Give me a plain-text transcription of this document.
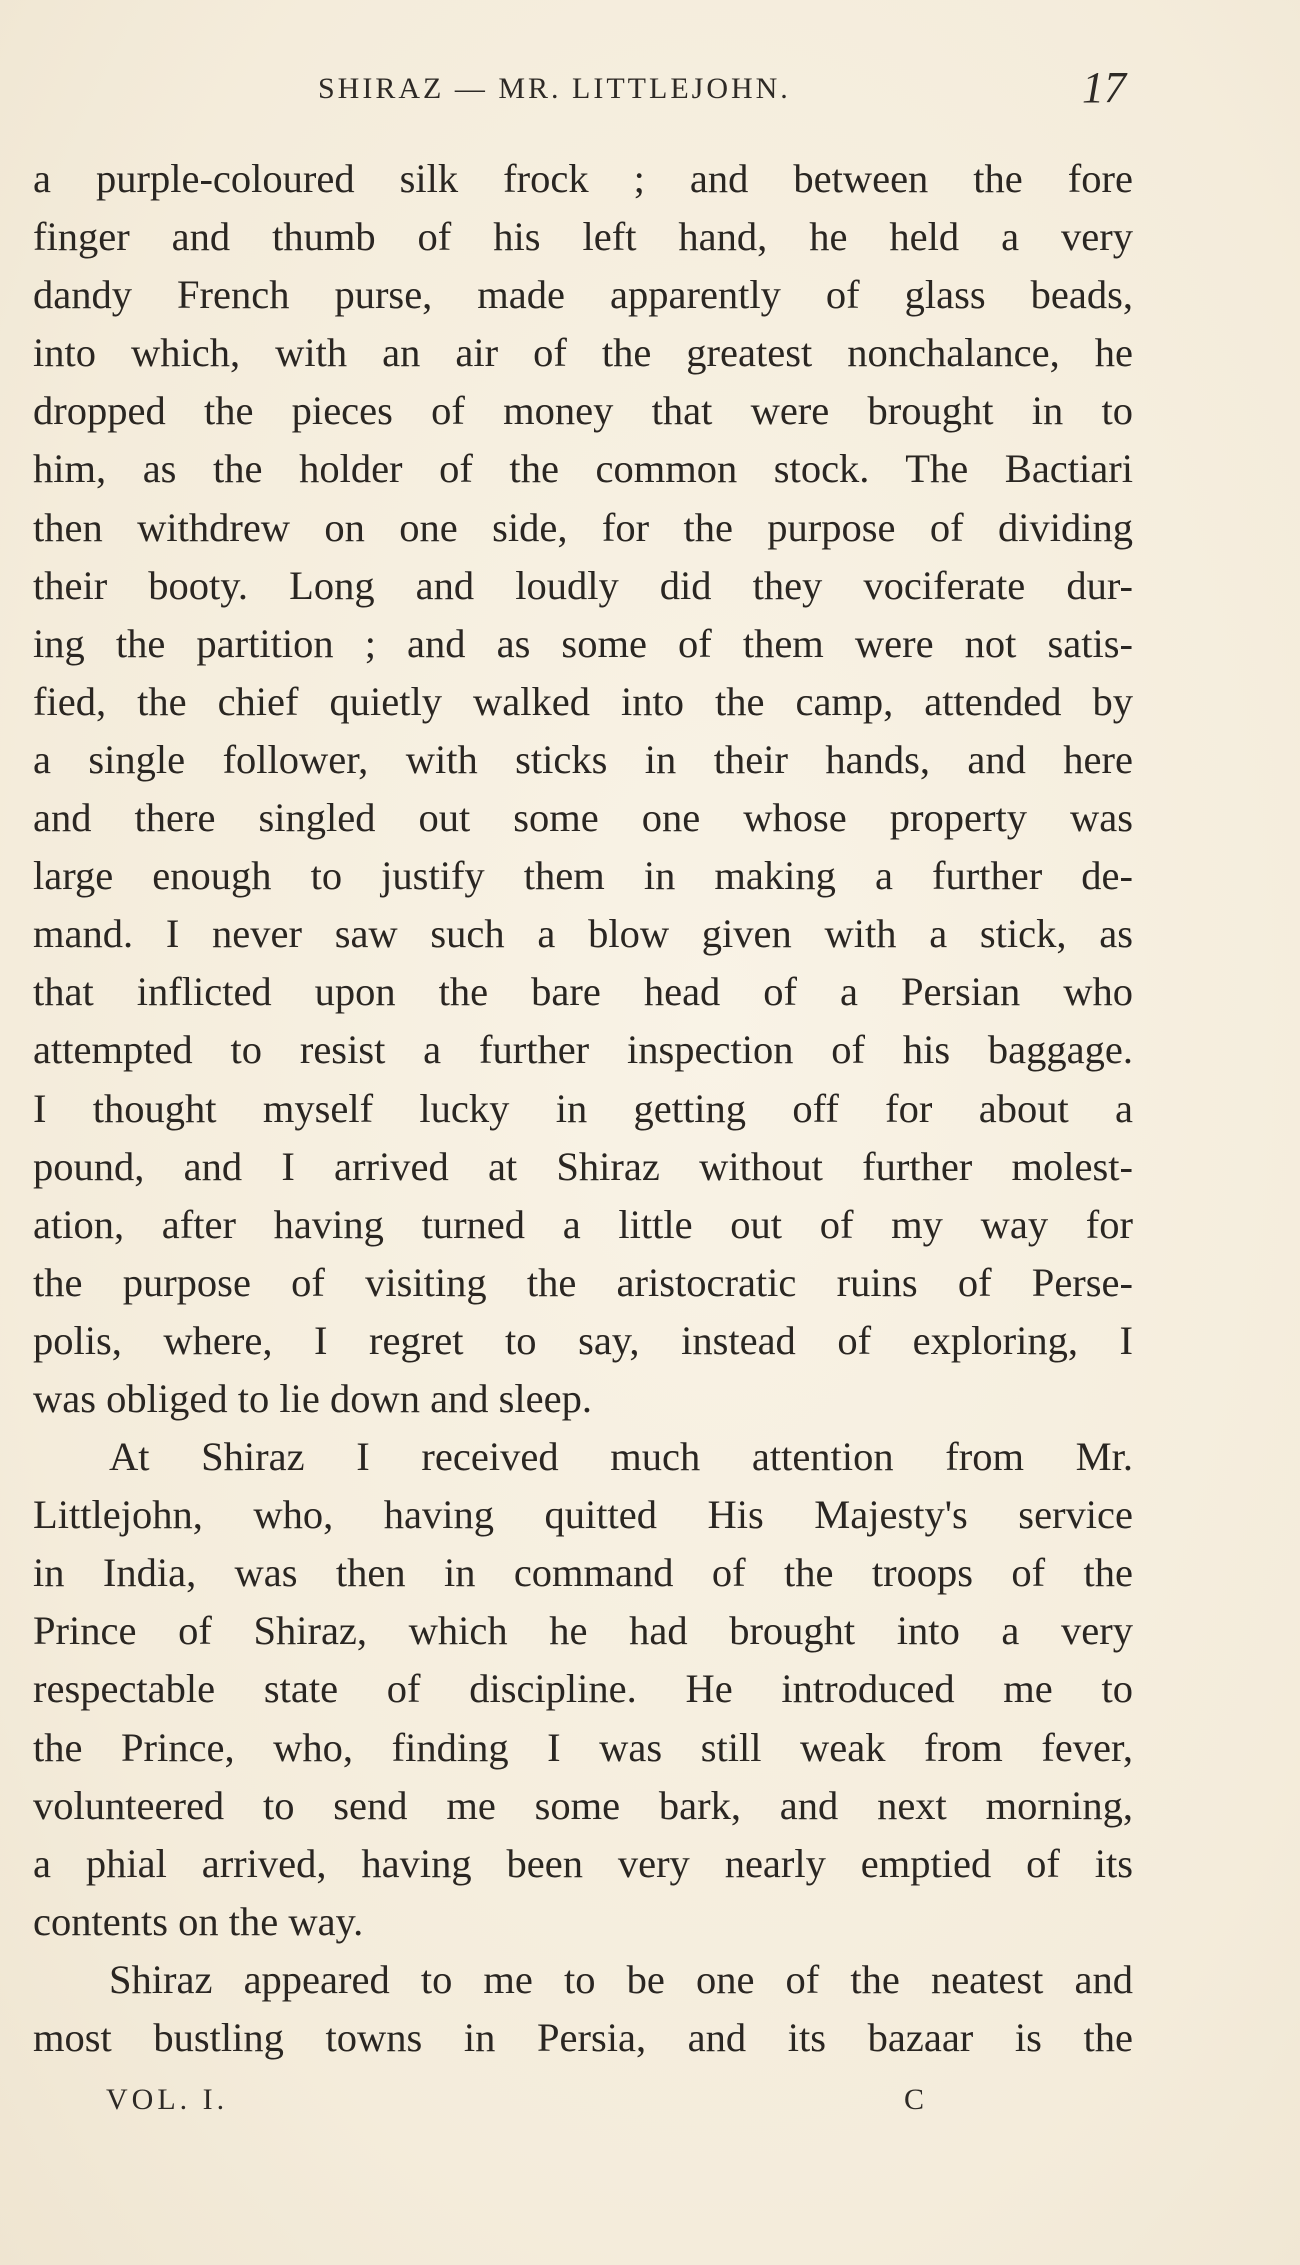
SHIRAZ — MR. LITTLEJOHN.	17
a purple-coloured silk frock ; and between the fore
finger and thumb of his left hand, he held a very
dandy French purse, made apparently of glass beads,
into which, with an air of the greatest nonchalance, he
dropped the pieces of money that were brought in to
him, as the holder of the common stock. The Bactiari
then withdrew on one side, for the purpose of dividing
their booty. Long and loudly did they vociferate dur-
ing the partition ; and as some of them were not satis-
fied, the chief quietly walked into the camp, attended by
a single follower, with sticks in their hands, and here
and there singled out some one whose property was
large enough to justify them in making a further de-
mand. I never saw such a blow given with a stick, as
that inflicted upon the bare head of a Persian who
attempted to resist a further inspection of his baggage.
I thought myself lucky in getting off for about a
pound, and I arrived at Shiraz without further molest-
ation, after having turned a little out of my way for
the purpose of visiting the aristocratic ruins of Perse-
polis, where, I regret to say, instead of exploring, I
was obliged to lie down and sleep.
At Shiraz I received much attention from Mr.
Littlejohn, who, having quitted His Majesty's service
in India, was then in command of the troops of the
Prince of Shiraz, which he had brought into a very
respectable state of discipline. He introduced me to
the Prince, who, finding I was still weak from fever,
volunteered to send me some bark, and next morning,
a phial arrived, having been very nearly emptied of its
contents on the way.
Shiraz appeared to me to be one of the neatest and
most bustling towns in Persia, and its bazaar is the
VOL. I.	C
